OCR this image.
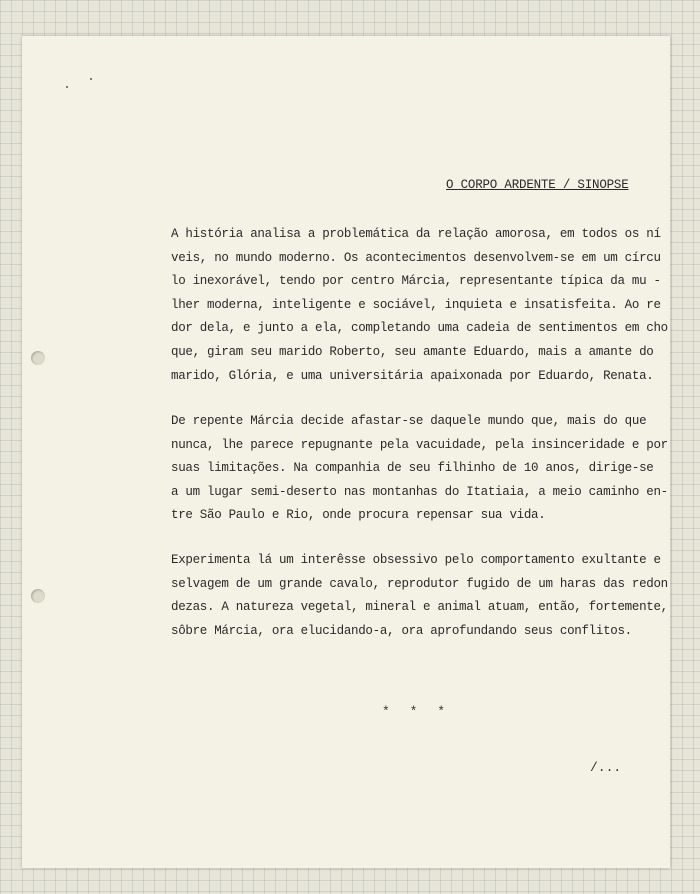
O CORPO ARDENTE / SINOPSE
A história analisa a problemática da relação amorosa, em todos os ní
veis, no mundo moderno. Os acontecimentos desenvolvem-se em um círcu
lo inexorável, tendo por centro Márcia, representante típica da mu -
lher moderna, inteligente e sociável, inquieta e insatisfeita. Ao re
dor dela, e junto a ela, completando uma cadeia de sentimentos em cho
que, giram seu marido Roberto, seu amante Eduardo, mais a amante do
marido, Glória, e uma universitária apaixonada por Eduardo, Renata.
De repente Márcia decide afastar-se daquele mundo que, mais do que
nunca, lhe parece repugnante pela vacuidade, pela insinceridade e por
suas limitações. Na companhia de seu filhinho de 10 anos, dirige-se
a um lugar semi-deserto nas montanhas do Itatiaia, a meio caminho en-
tre São Paulo e Rio, onde procura repensar sua vida.
Experimenta lá um interêsse obsessivo pelo comportamento exultante e
selvagem de um grande cavalo, reprodutor fugido de um haras das redon
dezas. A natureza vegetal, mineral e animal atuam, então, fortemente,
sôbre Márcia, ora elucidando-a, ora aprofundando seus conflitos.
* * *
/...
